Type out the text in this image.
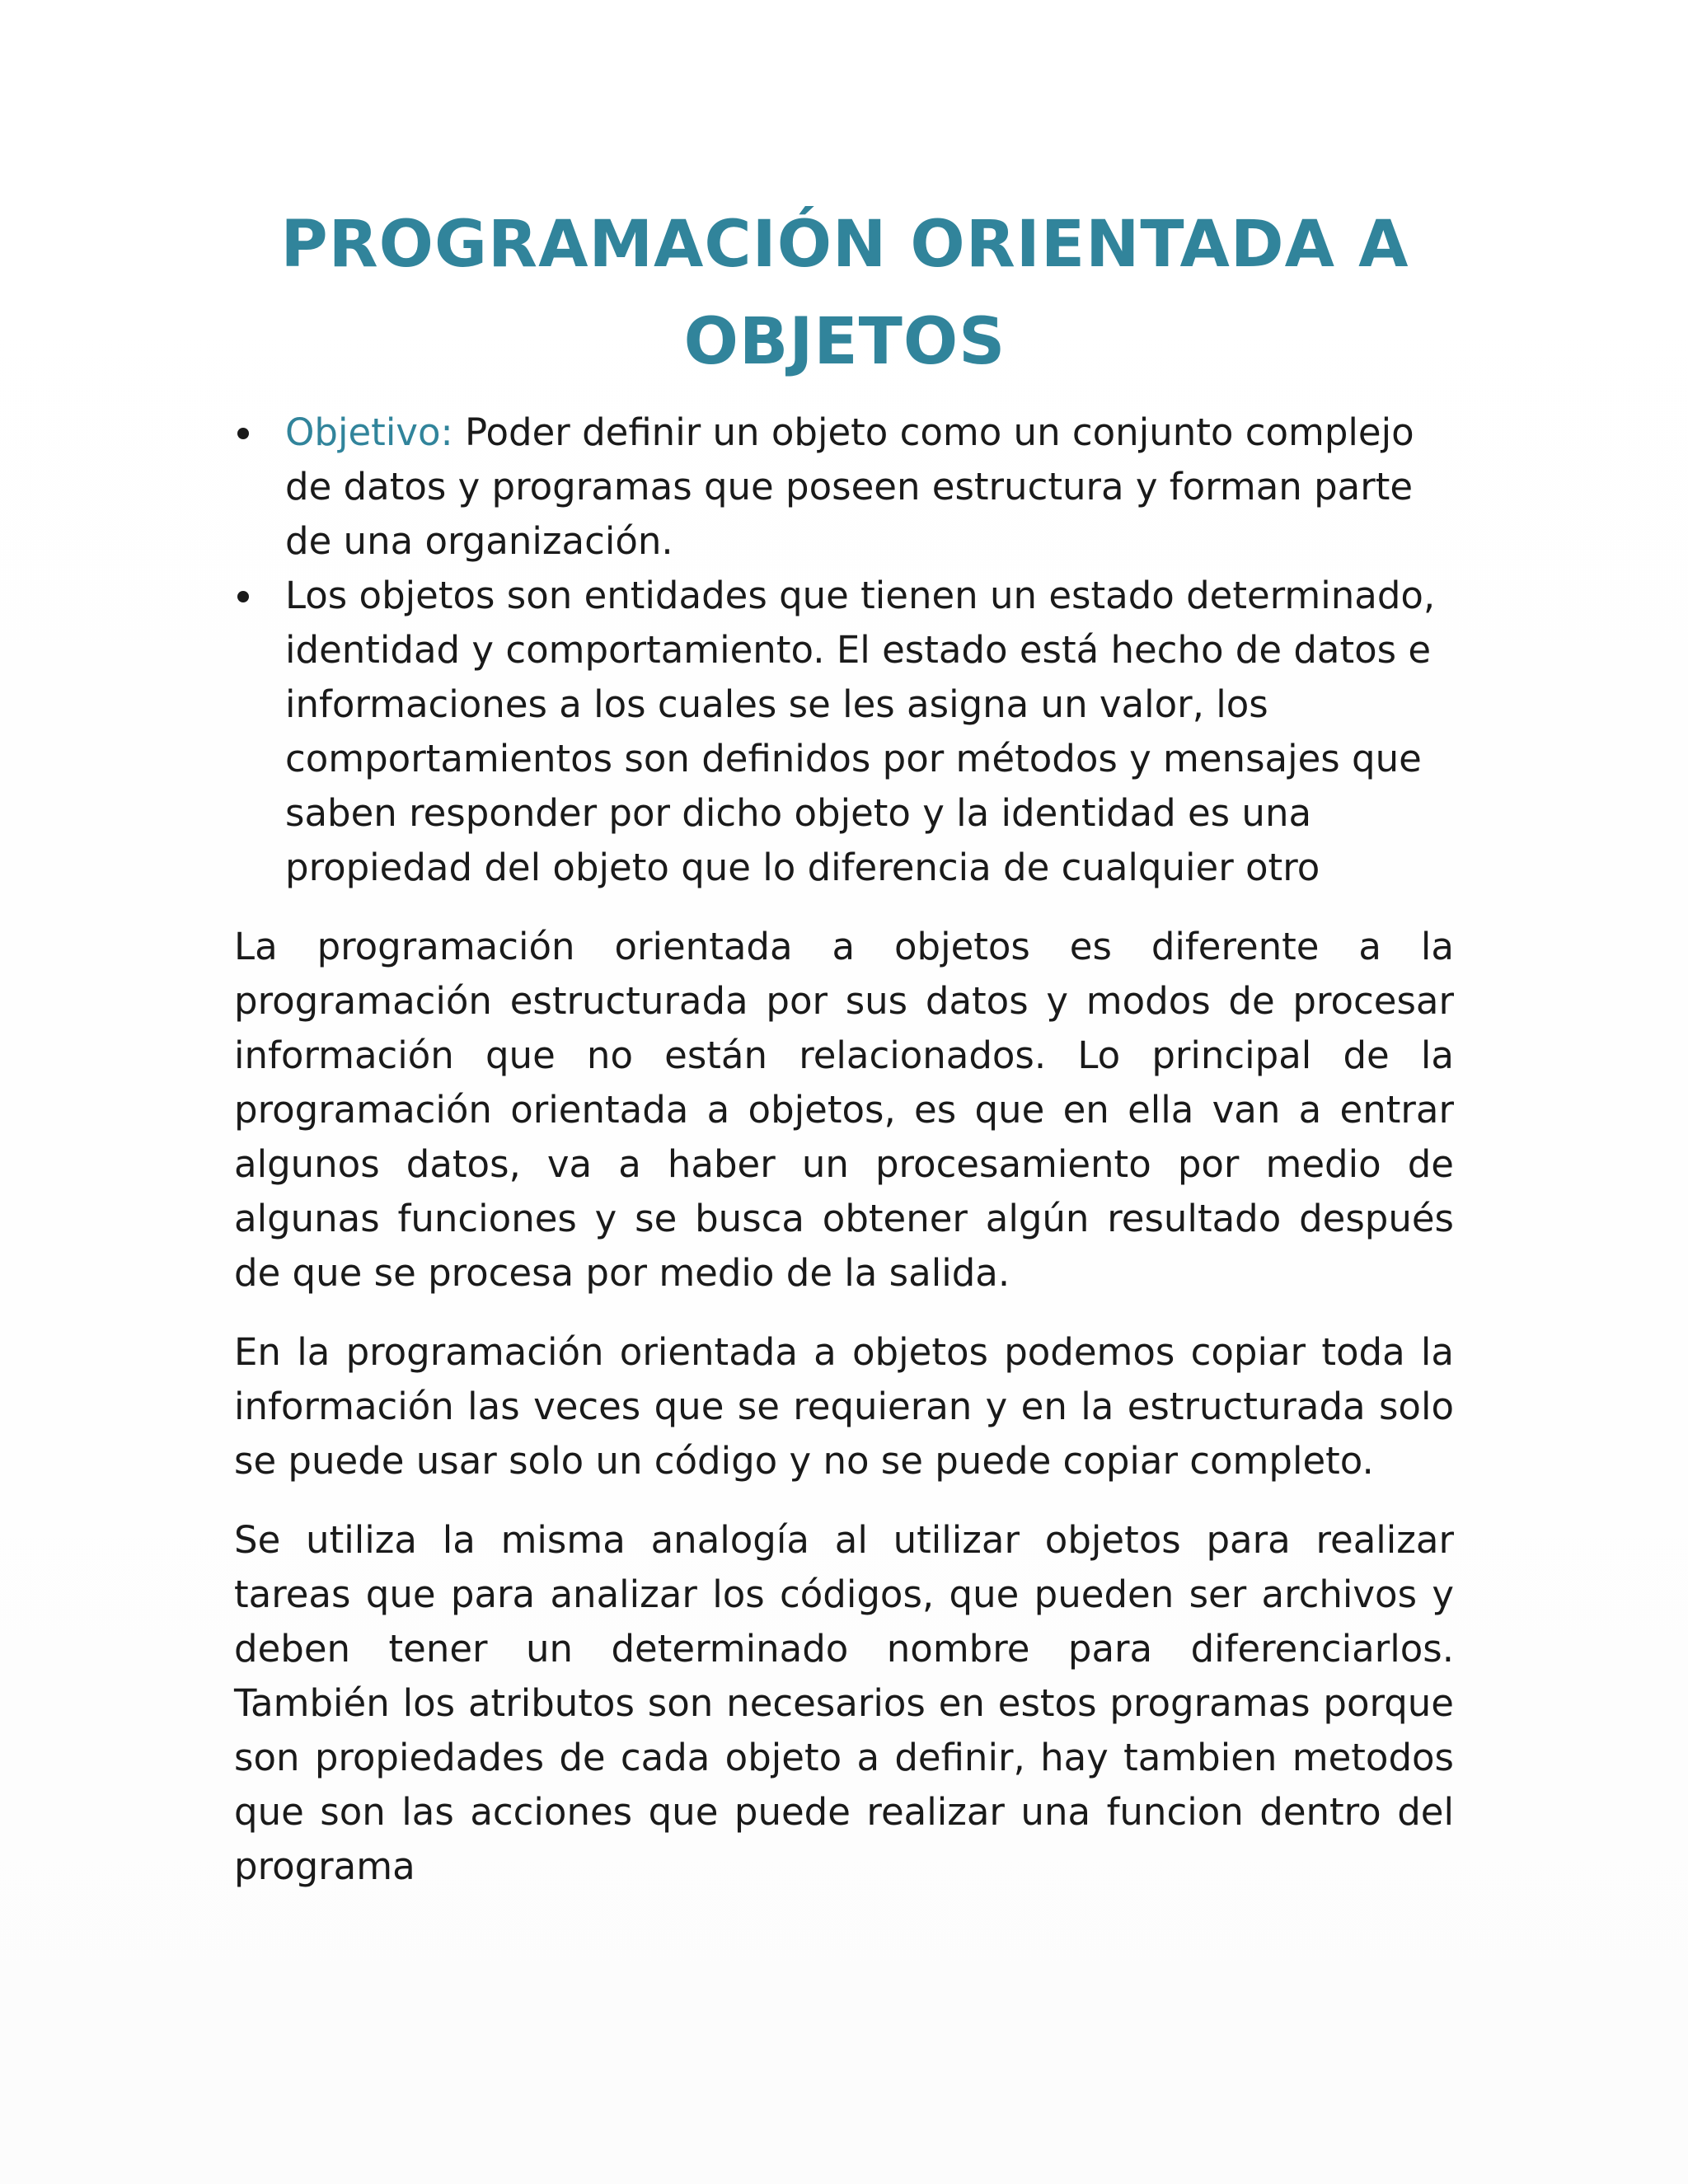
PROGRAMACIÓN ORIENTADA A
OBJETOS
Objetivo: Poder definir un objeto como un conjunto complejo de datos y programas que poseen estructura y forman parte de una organización.
Los objetos son entidades que tienen un estado determinado, identidad y comportamiento. El estado está hecho de datos e informaciones a los cuales se les asigna un valor, los comportamientos son definidos por métodos y mensajes que saben responder por dicho objeto y la identidad es una propiedad del objeto que lo diferencia de cualquier otro

La programación orientada a objetos es diferente a la programación estructurada por sus datos y modos de procesar información que no están relacionados. Lo principal de la programación orientada a objetos, es que en ella van a entrar algunos datos, va a haber un procesamiento por medio de algunas funciones y se busca obtener algún resultado después de que se procesa por medio de la salida.

En la programación orientada a objetos podemos copiar toda la información las veces que se requieran y en la estructurada solo se puede usar solo un código y no se puede copiar completo.

Se utiliza la misma analogía al utilizar objetos para realizar tareas que para analizar los códigos, que pueden ser archivos y deben tener un determinado nombre para diferenciarlos. También los atributos son necesarios en estos programas porque son propiedades de cada objeto a definir, hay tambien metodos que son las acciones que puede realizar una funcion dentro del programa
